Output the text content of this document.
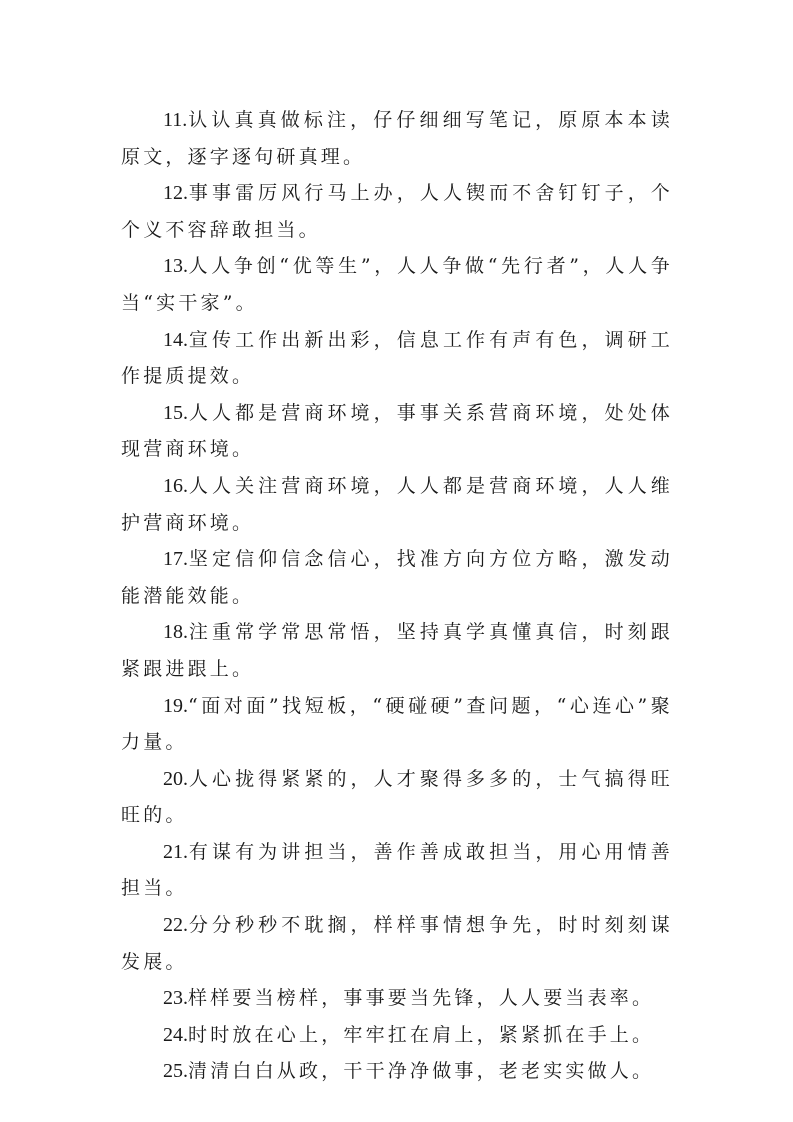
11.认认真真做标注，仔仔细细写笔记，原原本本读原文，逐字逐句研真理。

12.事事雷厉风行马上办，人人锲而不舍钉钉子，个个义不容辞敢担当。

13.人人争创“优等生”，人人争做“先行者”，人人争当“实干家”。

14.宣传工作出新出彩，信息工作有声有色，调研工作提质提效。

15.人人都是营商环境，事事关系营商环境，处处体现营商环境。

16.人人关注营商环境，人人都是营商环境，人人维护营商环境。

17.坚定信仰信念信心，找准方向方位方略，激发动能潜能效能。

18.注重常学常思常悟，坚持真学真懂真信，时刻跟紧跟进跟上。

19.“面对面”找短板，“硬碰硬”查问题，“心连心”聚力量。

20.人心拢得紧紧的，人才聚得多多的，士气搞得旺旺的。

21.有谋有为讲担当，善作善成敢担当，用心用情善担当。

22.分分秒秒不耽搁，样样事情想争先，时时刻刻谋发展。

23.样样要当榜样，事事要当先锋，人人要当表率。

24.时时放在心上，牢牢扛在肩上，紧紧抓在手上。

25.清清白白从政，干干净净做事，老老实实做人。
